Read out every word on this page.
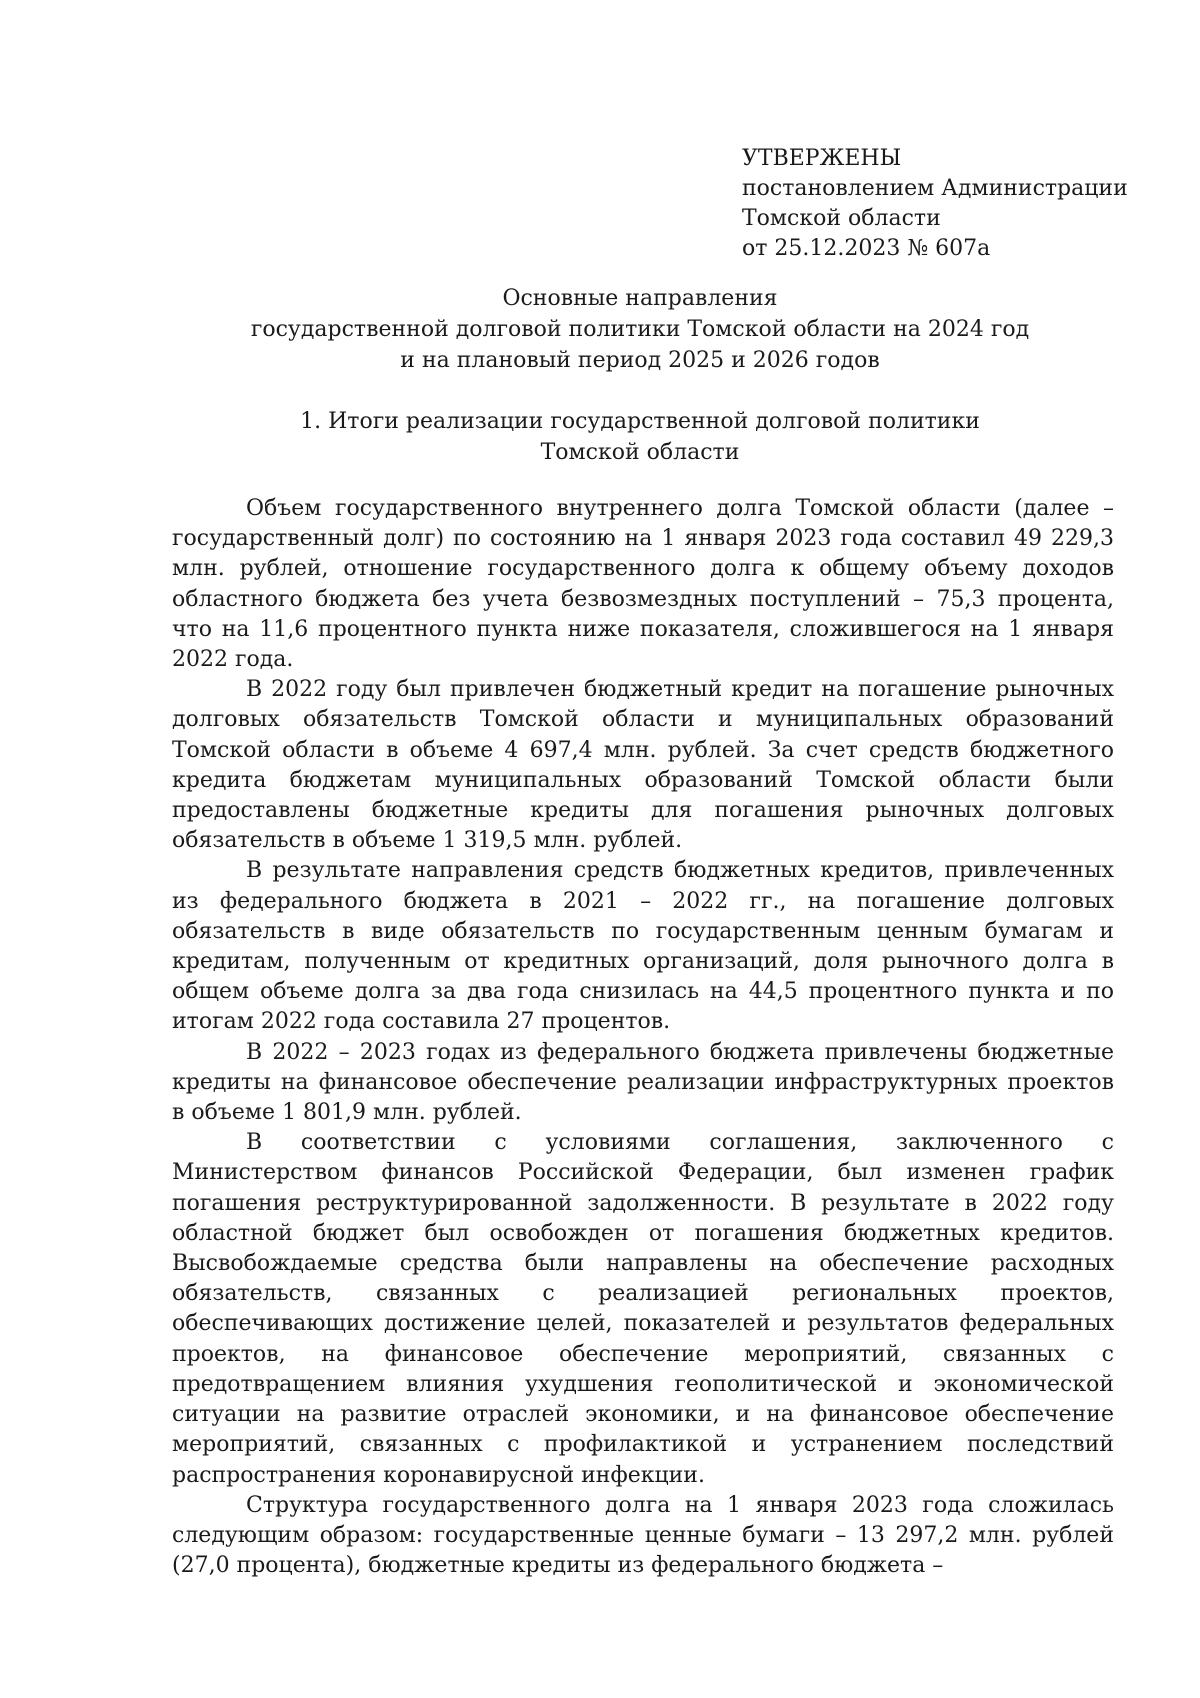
УТВЕРЖЕНЫ
постановлением Администрации
Томской области
от 25.12.2023 № 607а
Основные направления
государственной долговой политики Томской области на 2024 год
и на плановый период 2025 и 2026 годов
1. Итоги реализации государственной долговой политики
Томской области

Объем государственного внутреннего долга Томской области (далее – государственный долг) по состоянию на 1 января 2023 года составил 49 229,3 млн. рублей, отношение государственного долга к общему объему доходов областного бюджета без учета безвозмездных поступлений – 75,3 процента, что на 11,6 процентного пункта ниже показателя, сложившегося на 1 января 2022 года.

В 2022 году был привлечен бюджетный кредит на погашение рыночных долговых обязательств Томской области и муниципальных образований Томской области в объеме 4 697,4 млн. рублей. За счет средств бюджетного кредита бюджетам муниципальных образований Томской области были предоставлены бюджетные кредиты для погашения рыночных долговых обязательств в объеме 1 319,5 млн. рублей.

В результате направления средств бюджетных кредитов, привлеченных из федерального бюджета в 2021 – 2022 гг., на погашение долговых обязательств в виде обязательств по государственным ценным бумагам и кредитам, полученным от кредитных организаций, доля рыночного долга в общем объеме долга за два года снизилась на 44,5 процентного пункта и по итогам 2022 года составила 27 процентов.

В 2022 – 2023 годах из федерального бюджета привлечены бюджетные кредиты на финансовое обеспечение реализации инфраструктурных проектов в объеме 1 801,9 млн. рублей.

В соответствии с условиями соглашения, заключенного с Министерством финансов Российской Федерации, был изменен график погашения реструктурированной задолженности. В результате в 2022 году областной бюджет был освобожден от погашения бюджетных кредитов. Высвобождаемые средства были направлены на обеспечение расходных обязательств, связанных с реализацией региональных проектов, обеспечивающих достижение целей, показателей и результатов федеральных проектов, на финансовое обеспечение мероприятий, связанных с предотвращением влияния ухудшения геополитической и экономической ситуации на развитие отраслей экономики, и на финансовое обеспечение мероприятий, связанных с профилактикой и устранением последствий распространения коронавирусной инфекции.

Структура государственного долга на 1 января 2023 года сложилась следующим образом: государственные ценные бумаги – 13 297,2 млн. рублей (27,0 процента), бюджетные кредиты из федерального бюджета –
